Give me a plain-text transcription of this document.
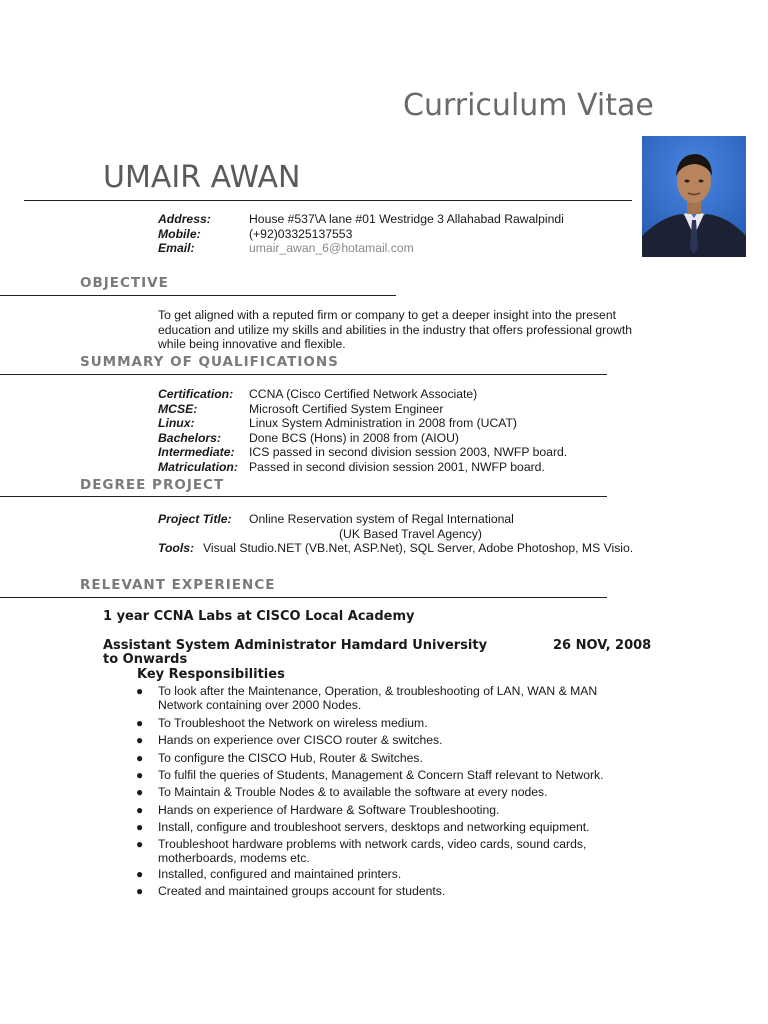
Curriculum Vitae
UMAIR AWAN
Address:	House #537\A lane #01 Westridge 3 Allahabad Rawalpindi
Mobile:	(+92)03325137553
Email:	umair_awan_6@hotamail.com
OBJECTIVE
To get aligned with a reputed firm or company to get a deeper insight into the present
education and utilize my skills and abilities in the industry that offers professional growth
while being innovative and flexible.
SUMMARY OF QUALIFICATIONS
Certification: CCNA (Cisco Certified Network Associate)
MCSE:	Microsoft Certified System Engineer
Linux:	Linux System Administration in 2008 from (UCAT)
Bachelors: Done BCS (Hons) in 2008 from (AIOU)
Intermediate: ICS passed in second division session 2003, NWFP board.
Matriculation: Passed in second division session 2001, NWFP board.
DEGREE PROJECT
Project Title: Online Reservation system of Regal International
(UK Based Travel Agency)
Tools: Visual Studio.NET (VB.Net, ASP.Net), SQL Server, Adobe Photoshop, MS Visio.
RELEVANT EXPERIENCE
1 year CCNA Labs at CISCO Local Academy
Assistant System Administrator Hamdard University	26 NOV, 2008
to Onwards
Key Responsibilities
● To look after the Maintenance, Operation, & troubleshooting of LAN, WAN & MAN
Network containing over 2000 Nodes.
● To Troubleshoot the Network on wireless medium.
● Hands on experience over CISCO router & switches.
● To configure the CISCO Hub, Router & Switches.
● To fulfil the queries of Students, Management & Concern Staff relevant to Network.
● To Maintain & Trouble Nodes & to available the software at every nodes.
● Hands on experience of Hardware & Software Troubleshooting.
● Install, configure and troubleshoot servers, desktops and networking equipment.
● Troubleshoot hardware problems with network cards, video cards, sound cards,
motherboards, modems etc.
● Installed, configured and maintained printers.
● Created and maintained groups account for students.
